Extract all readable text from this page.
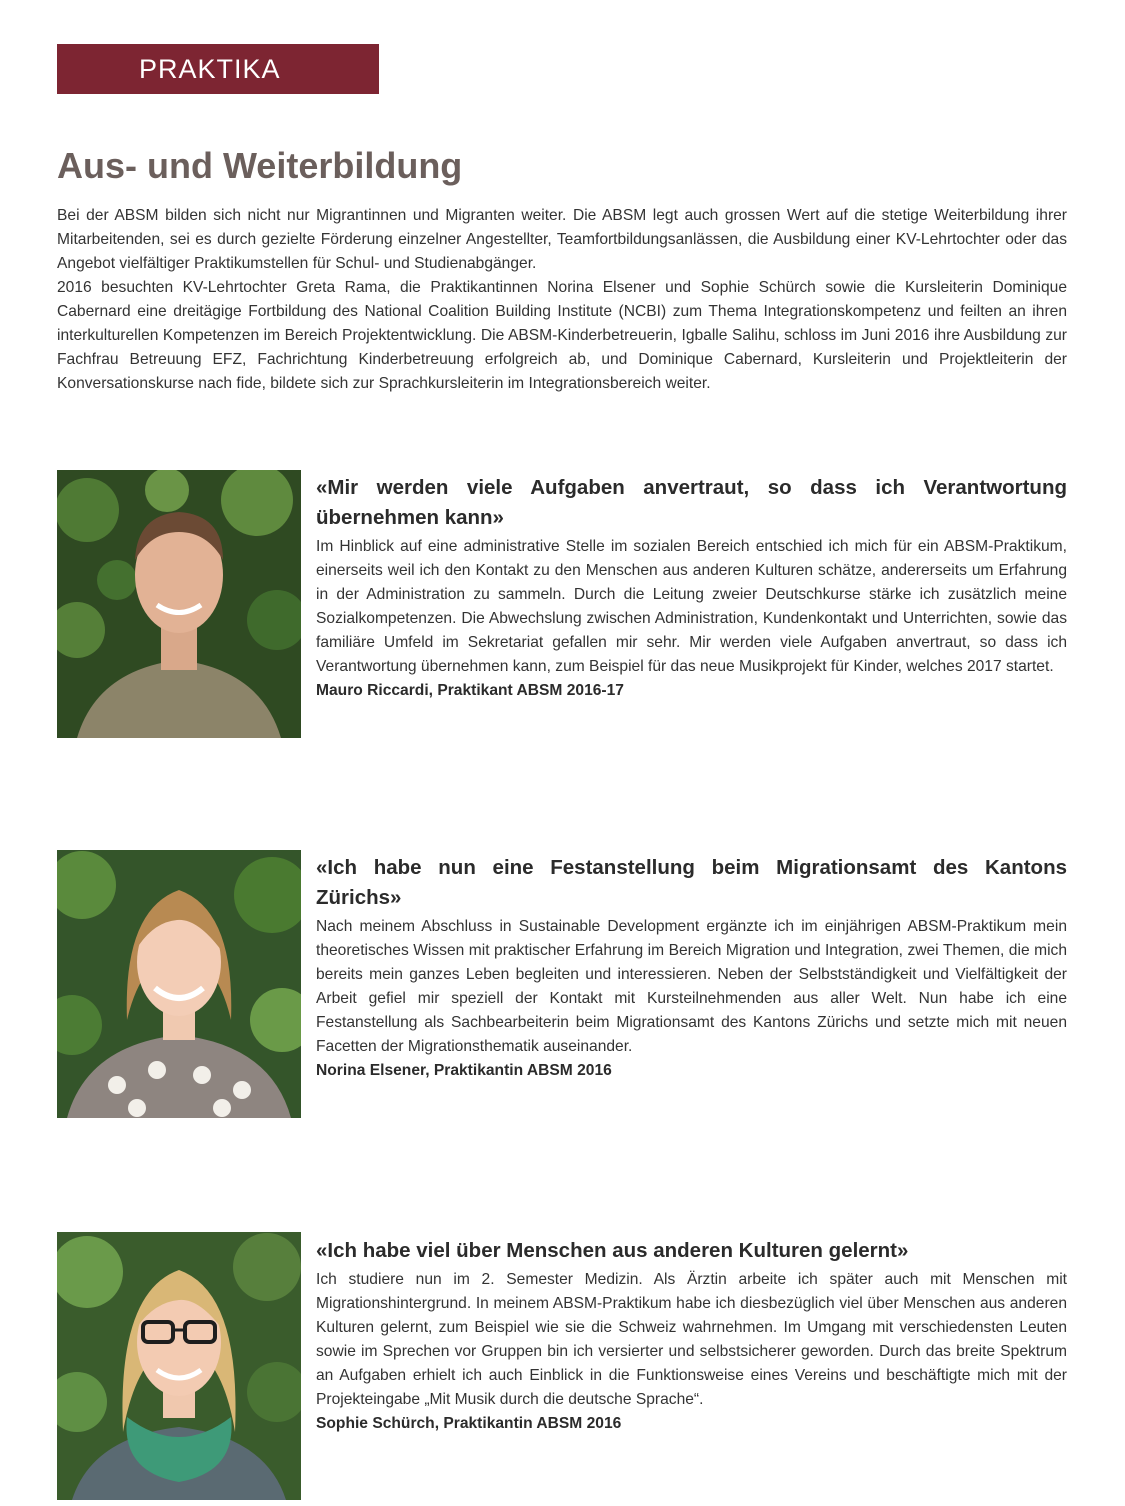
PRAKTIKA
Aus- und Weiterbildung

Bei der ABSM bilden sich nicht nur Migrantinnen und Migranten weiter. Die ABSM legt auch grossen Wert auf die stetige Weiterbildung ihrer Mitarbeitenden, sei es durch gezielte Förderung einzelner Angestellter, Teamfortbildungsanlässen, die Ausbildung einer KV-Lehrtochter oder das Angebot vielfältiger Praktikumstellen für Schul- und Studienabgänger.

2016 besuchten KV-Lehrtochter Greta Rama, die Praktikantinnen Norina Elsener und Sophie Schürch sowie die Kursleiterin Dominique Cabernard eine dreitägige Fortbildung des National Coalition Building Institute (NCBI) zum Thema Integrationskompetenz und feilten an ihren interkulturellen Kompetenzen im Bereich Projektentwicklung. Die ABSM-Kinderbetreuerin, Igballe Salihu, schloss im Juni 2016 ihre Ausbildung zur Fachfrau Betreuung EFZ, Fachrichtung Kinderbetreuung erfolgreich ab, und Dominique Cabernard, Kursleiterin und Projektleiterin der Konversationskurse nach fide, bildete sich zur Sprachkursleiterin im Integrationsbereich weiter.

«Mir werden viele Aufgaben anvertraut, so dass ich Verantwortung übernehmen kann»

Im Hinblick auf eine administrative Stelle im sozialen Bereich entschied ich mich für ein ABSM-Praktikum, einerseits weil ich den Kontakt zu den Menschen aus anderen Kulturen schätze, andererseits um Erfahrung in der Administration zu sammeln. Durch die Leitung zweier Deutschkurse stärke ich zusätzlich meine Sozialkompetenzen. Die Abwechslung zwischen Administration, Kundenkontakt und Unterrichten, sowie das familiäre Umfeld im Sekretariat gefallen mir sehr. Mir werden viele Aufgaben anvertraut, so dass ich Verantwortung übernehmen kann, zum Beispiel für das neue Musikprojekt für Kinder, welches 2017 startet.

Mauro Riccardi, Praktikant ABSM 2016-17

«Ich habe nun eine Festanstellung beim Migrationsamt des Kantons Zürichs»

Nach meinem Abschluss in Sustainable Development ergänzte ich im einjährigen ABSM-Praktikum mein theoretisches Wissen mit praktischer Erfahrung im Bereich Migration und Integration, zwei Themen, die mich bereits mein ganzes Leben begleiten und interessieren. Neben der Selbstständigkeit und Vielfältigkeit der Arbeit gefiel mir speziell der Kontakt mit Kursteilnehmenden aus aller Welt. Nun habe ich eine Festanstellung als Sachbearbeiterin beim Migrationsamt des Kantons Zürichs und setzte mich mit neuen Facetten der Migrationsthematik auseinander.

Norina Elsener, Praktikantin ABSM 2016

«Ich habe viel über Menschen aus anderen Kulturen gelernt»

Ich studiere nun im 2. Semester Medizin. Als Ärztin arbeite ich später auch mit Menschen mit Migrationshintergrund. In meinem ABSM-Praktikum habe ich diesbezüglich viel über Menschen aus anderen Kulturen gelernt, zum Beispiel wie sie die Schweiz wahrnehmen. Im Umgang mit verschiedensten Leuten sowie im Sprechen vor Gruppen bin ich versierter und selbstsicherer geworden. Durch das breite Spektrum an Aufgaben erhielt ich auch Einblick in die Funktionsweise eines Vereins und beschäftigte mich mit der Projekteingabe „Mit Musik durch die deutsche Sprache“.

Sophie Schürch, Praktikantin ABSM 2016
